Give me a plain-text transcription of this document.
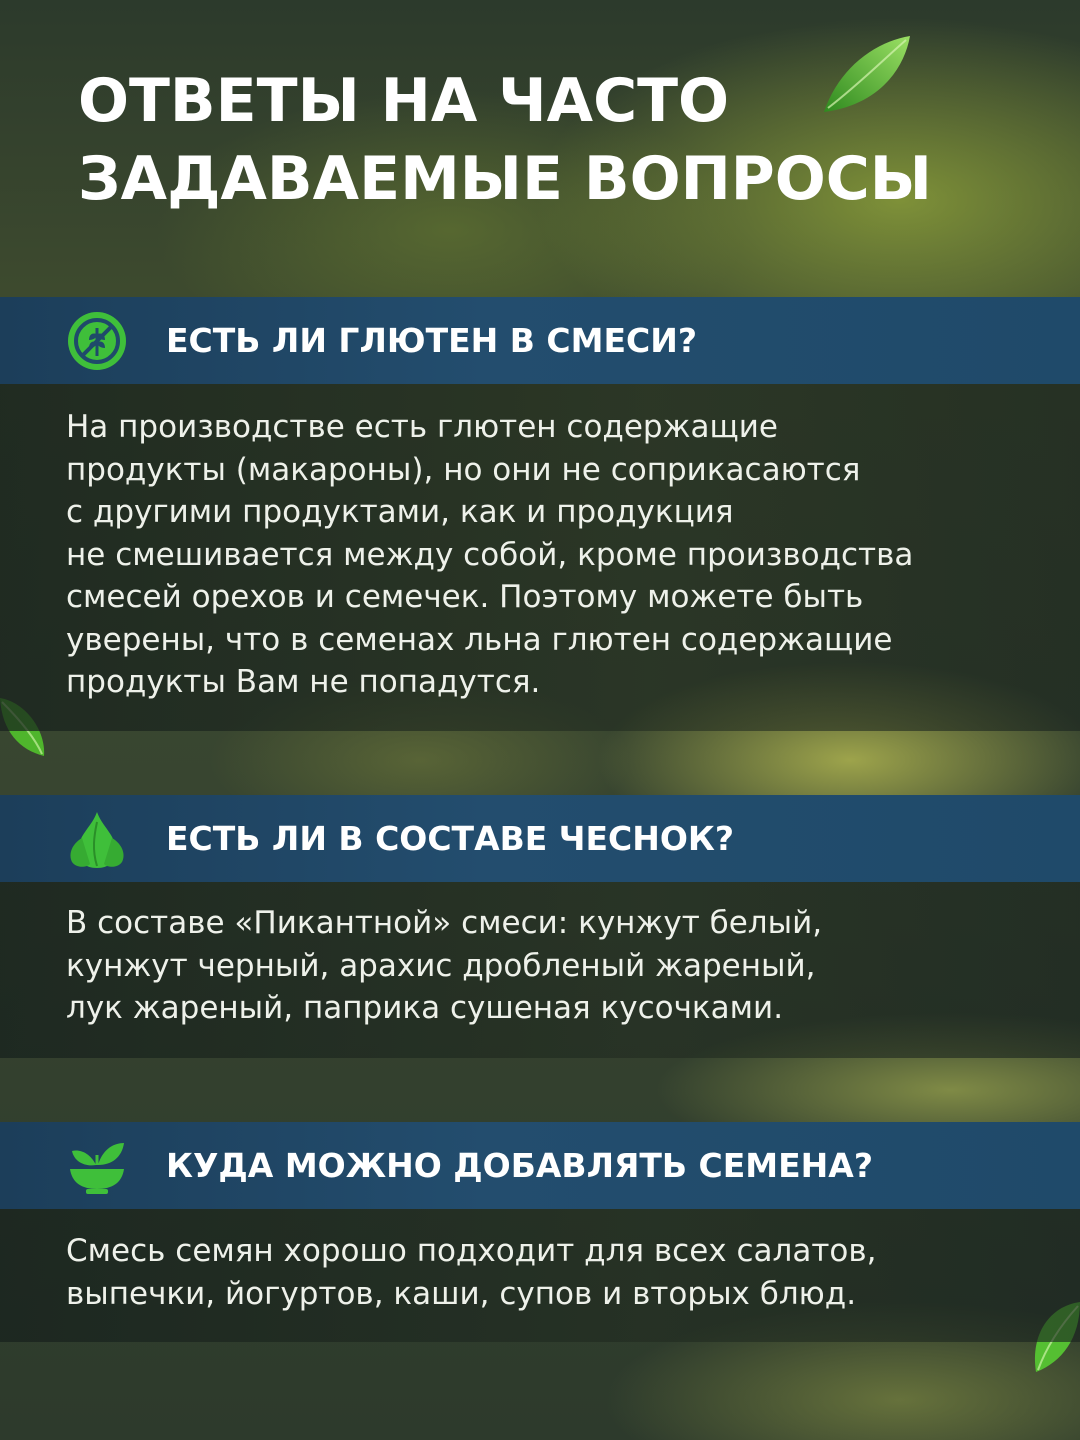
ОТВЕТЫ НА ЧАСТО
ЗАДАВАЕМЫЕ ВОПРОСЫ
ЕСТЬ ЛИ ГЛЮТЕН В СМЕСИ?

На производстве есть глютен содержащие
продукты (макароны), но они не соприкасаются
с другими продуктами, как и продукция
не смешивается между собой, кроме производства
смесей орехов и семечек. Поэтому можете быть
уверены, что в семенах льна глютен содержащие
продукты Вам не попадутся.

ЕСТЬ ЛИ В СОСТАВЕ ЧЕСНОК?

В составе «Пикантной» смеси: кунжут белый,
кунжут черный, арахис дробленый жареный,
лук жареный, паприка сушеная кусочками.

КУДА МОЖНО ДОБАВЛЯТЬ СЕМЕНА?

Смесь семян хорошо подходит для всех салатов,
выпечки, йогуртов, каши, супов и вторых блюд.
